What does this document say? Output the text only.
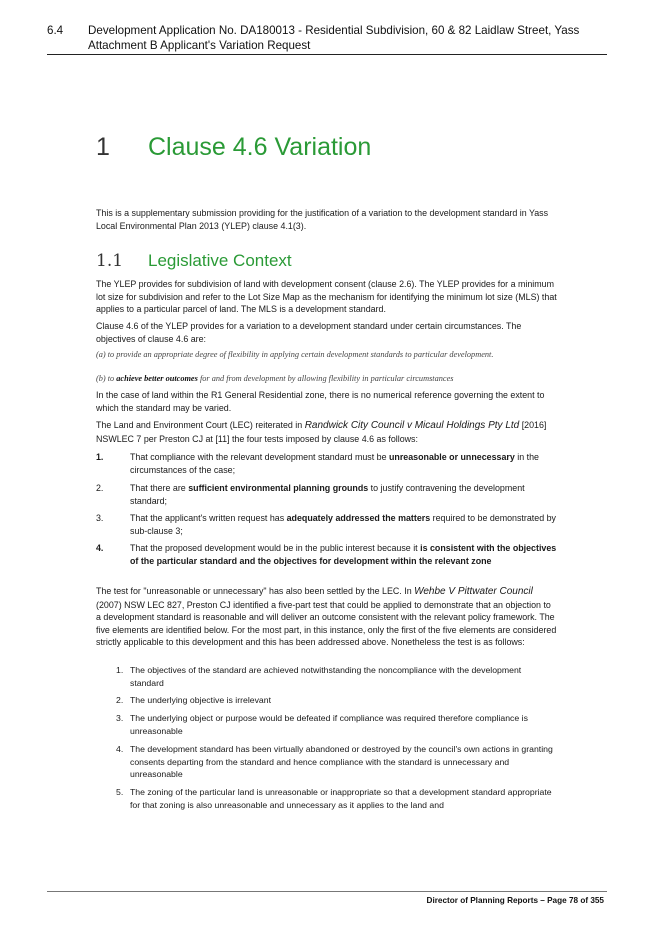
6.4 Development Application No. DA180013 - Residential Subdivision, 60 & 82 Laidlaw Street, Yass
Attachment B Applicant's Variation Request
1 Clause 4.6 Variation
This is a supplementary submission providing for the justification of a variation to the development standard in Yass Local Environmental Plan 2013 (YLEP) clause 4.1(3).
1.1 Legislative Context
The YLEP provides for subdivision of land with development consent (clause 2.6). The YLEP provides for a minimum lot size for subdivision and refer to the Lot Size Map as the mechanism for identifying the minimum lot size (MLS) that applies to a particular parcel of land. The MLS is a development standard.
Clause 4.6 of the YLEP provides for a variation to a development standard under certain circumstances. The objectives of clause 4.6 are:
(a) to provide an appropriate degree of flexibility in applying certain development standards to particular development.
(b) to achieve better outcomes for and from development by allowing flexibility in particular circumstances
In the case of land within the R1 General Residential zone, there is no numerical reference governing the extent to which the standard may be varied.
The Land and Environment Court (LEC) reiterated in Randwick City Council v Micaul Holdings Pty Ltd [2016] NSWLEC 7 per Preston CJ at [11] the four tests imposed by clause 4.6 as follows:
1.	That compliance with the relevant development standard must be unreasonable or unnecessary in the circumstances of the case;
2.	That there are sufficient environmental planning grounds to justify contravening the development standard;
3.	That the applicant's written request has adequately addressed the matters required to be demonstrated by sub-clause 3;
4.	That the proposed development would be in the public interest because it is consistent with the objectives of the particular standard and the objectives for development within the relevant zone
The test for "unreasonable or unnecessary" has also been settled by the LEC. In Wehbe V Pittwater Council (2007) NSW LEC 827, Preston CJ identified a five-part test that could be applied to demonstrate that an objection to a development standard is reasonable and will deliver an outcome consistent with the relevant policy framework. The five elements are identified below. For the most part, in this instance, only the first of the five elements are considered strictly applicable to this development and this has been addressed above. Nonetheless the test is as follows:
1. The objectives of the standard are achieved notwithstanding the noncompliance with the development standard
2. The underlying objective is irrelevant
3. The underlying object or purpose would be defeated if compliance was required therefore compliance is unreasonable
4. The development standard has been virtually abandoned or destroyed by the council's own actions in granting consents departing from the standard and hence compliance with the standard is unnecessary and unreasonable
5. The zoning of the particular land is unreasonable or inappropriate so that a development standard appropriate for that zoning is also unreasonable and unnecessary as it applies to the land and
Director of Planning Reports – Page 78 of 355
